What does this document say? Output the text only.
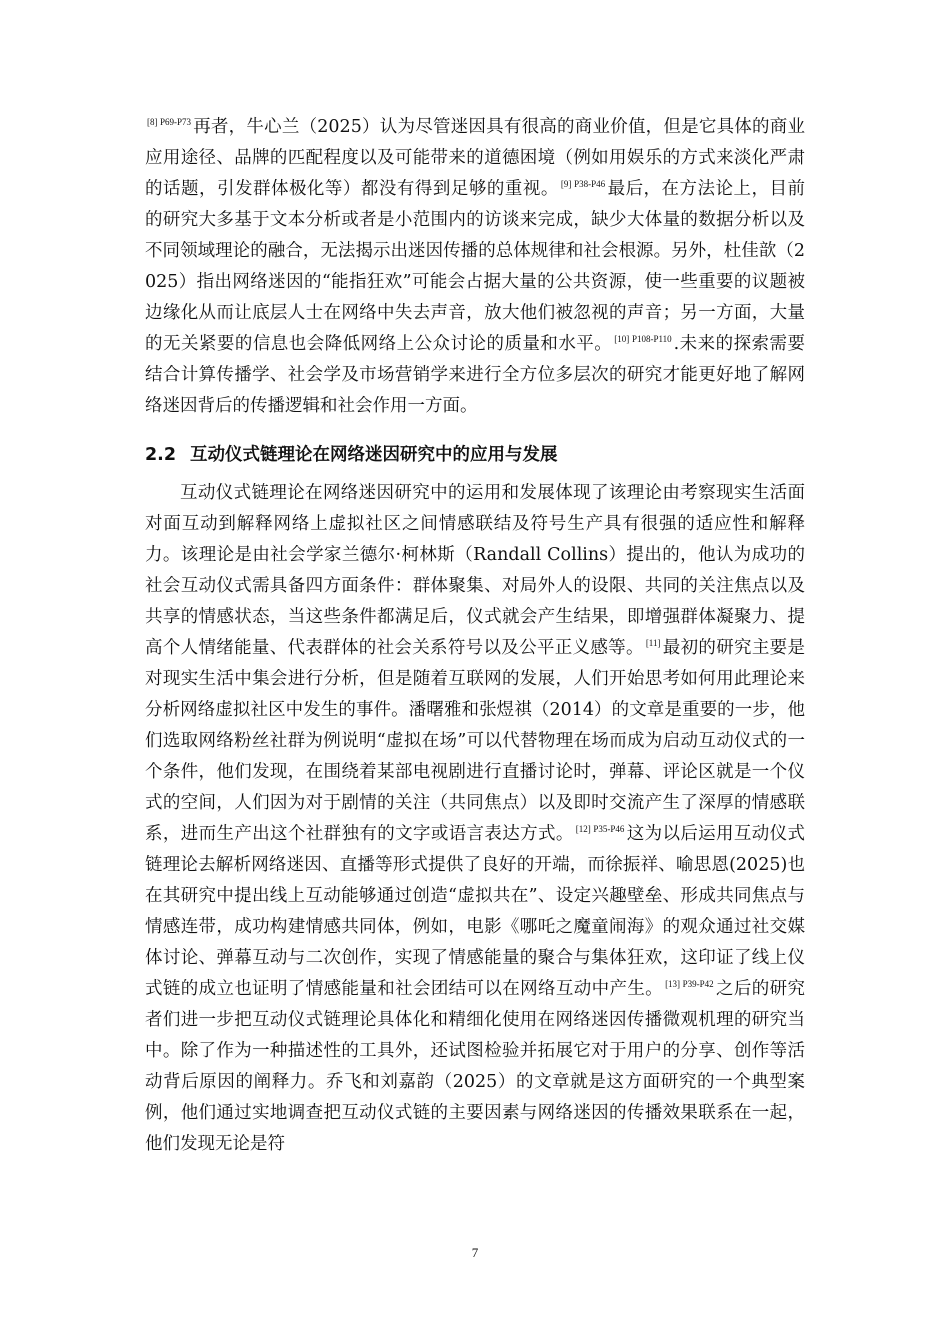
$^{[8] P69-P73}$ 再者，牛心兰（2025）认为尽管迷因具有很高的商业价值，但是它具体的商业应用途径、品牌的匹配程度以及可能带来的道德困境（例如用娱乐的方式来淡化严肃的话题，引发群体极化等）都没有得到足够的重视。 $^{[9] P38-P46}$ 最后，在方法论上，目前的研究大多基于文本分析或者是小范围内的访谈来完成，缺少大体量的数据分析以及不同领域理论的融合，无法揭示出迷因传播的总体规律和社会根源。另外，杜佳歆（2025）指出网络迷因的“能指狂欢”可能会占据大量的公共资源，使一些重要的议题被边缘化从而让底层人士在网络中失去声音，放大他们被忽视的声音；另一方面，大量的无关紧要的信息也会降低网络上公众讨论的质量和水平。 $^{[10] P108-P110}$ .未来的探索需要结合计算传播学、社会学及市场营销学来进行全方位多层次的研究才能更好地了解网络迷因背后的传播逻辑和社会作用一方面。

2.2 互动仪式链理论在网络迷因研究中的应用与发展

互动仪式链理论在网络迷因研究中的运用和发展体现了该理论由考察现实生活面对面互动到解释网络上虚拟社区之间情感联结及符号生产具有很强的适应性和解释力。该理论是由社会学家兰德尔·柯林斯（Randall Collins）提出的，他认为成功的社会互动仪式需具备四方面条件：群体聚集、对局外人的设限、共同的关注焦点以及共享的情感状态，当这些条件都满足后，仪式就会产生结果，即增强群体凝聚力、提高个人情绪能量、代表群体的社会关系符号以及公平正义感等。 [11] 最初的研究主要是对现实生活中集会进行分析，但是随着互联网的发展，人们开始思考如何用此理论来分析网络虚拟社区中发生的事件。潘曙雅和张煜祺（2014）的文章是重要的一步，他们选取网络粉丝社群为例说明“虚拟在场”可以代替物理在场而成为启动互动仪式的一个条件，他们发现，在围绕着某部电视剧进行直播讨论时，弹幕、评论区就是一个仪式的空间，人们因为对于剧情的关注（共同焦点）以及即时交流产生了深厚的情感联系，进而生产出这个社群独有的文字或语言表达方式。 $^{[12] P35-P46}$ 这为以后运用互动仪式链理论去解析网络迷因、直播等形式提供了良好的开端，而徐振祥、喻思恩(2025)也在其研究中提出线上互动能够通过创造“虚拟共在”、设定兴趣壁垒、形成共同焦点与情感连带，成功构建情感共同体，例如，电影《哪吒之魔童闹海》的观众通过社交媒体讨论、弹幕互动与二次创作，实现了情感能量的聚合与集体狂欢，这印证了线上仪式链的成立也证明了情感能量和社会团结可以在网络互动中产生。 $^{[13] P39-P42}$ 之后的研究者们进一步把互动仪式链理论具体化和精细化使用在网络迷因传播微观机理的研究当中。除了作为一种描述性的工具外，还试图检验并拓展它对于用户的分享、创作等活动背后原因的阐释力。乔飞和刘嘉韵（2025）的文章就是这方面研究的一个典型案例，他们通过实地调查把互动仪式链的主要因素与网络迷因的传播效果联系在一起，他们发现无论是符

7
